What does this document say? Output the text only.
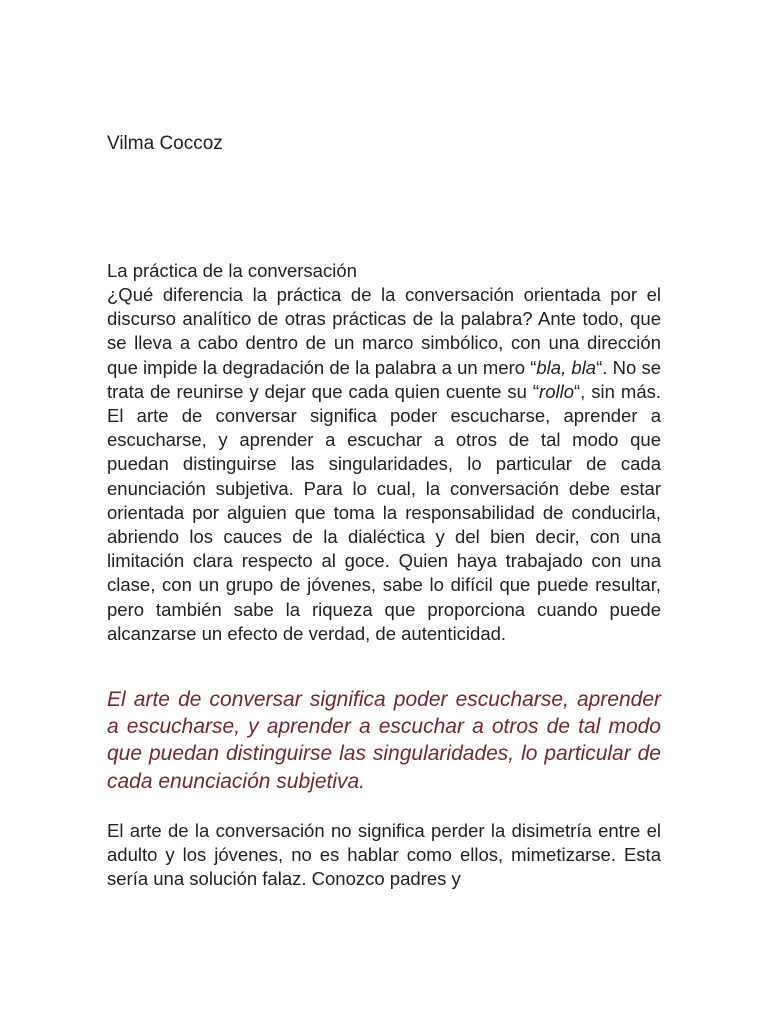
Vilma Coccoz

La práctica de la conversación

¿Qué diferencia la práctica de la conversación orientada por el discurso analítico de otras prácticas de la palabra? Ante todo, que se lleva a cabo dentro de un marco simbólico, con una dirección que impide la degradación de la palabra a un mero “bla, bla“. No se trata de reunirse y dejar que cada quien cuente su “rollo“, sin más. El arte de conversar significa poder escucharse, aprender a escucharse, y aprender a escuchar a otros de tal modo que puedan distinguirse las singularidades, lo particular de cada enunciación subjetiva. Para lo cual, la conversación debe estar orientada por alguien que toma la responsabilidad de conducirla, abriendo los cauces de la dialéctica y del bien decir, con una limitación clara respecto al goce. Quien haya trabajado con una clase, con un grupo de jóvenes, sabe lo difícil que puede resultar, pero también sabe la riqueza que proporciona cuando puede alcanzarse un efecto de verdad, de autenticidad.

El arte de conversar significa poder escucharse, aprender a escucharse, y aprender a escuchar a otros de tal modo que puedan distinguirse las singularidades, lo particular de cada enunciación subjetiva.

El arte de la conversación no significa perder la disimetría entre el adulto y los jóvenes, no es hablar como ellos, mimetizarse. Esta sería una solución falaz. Conozco padres y
